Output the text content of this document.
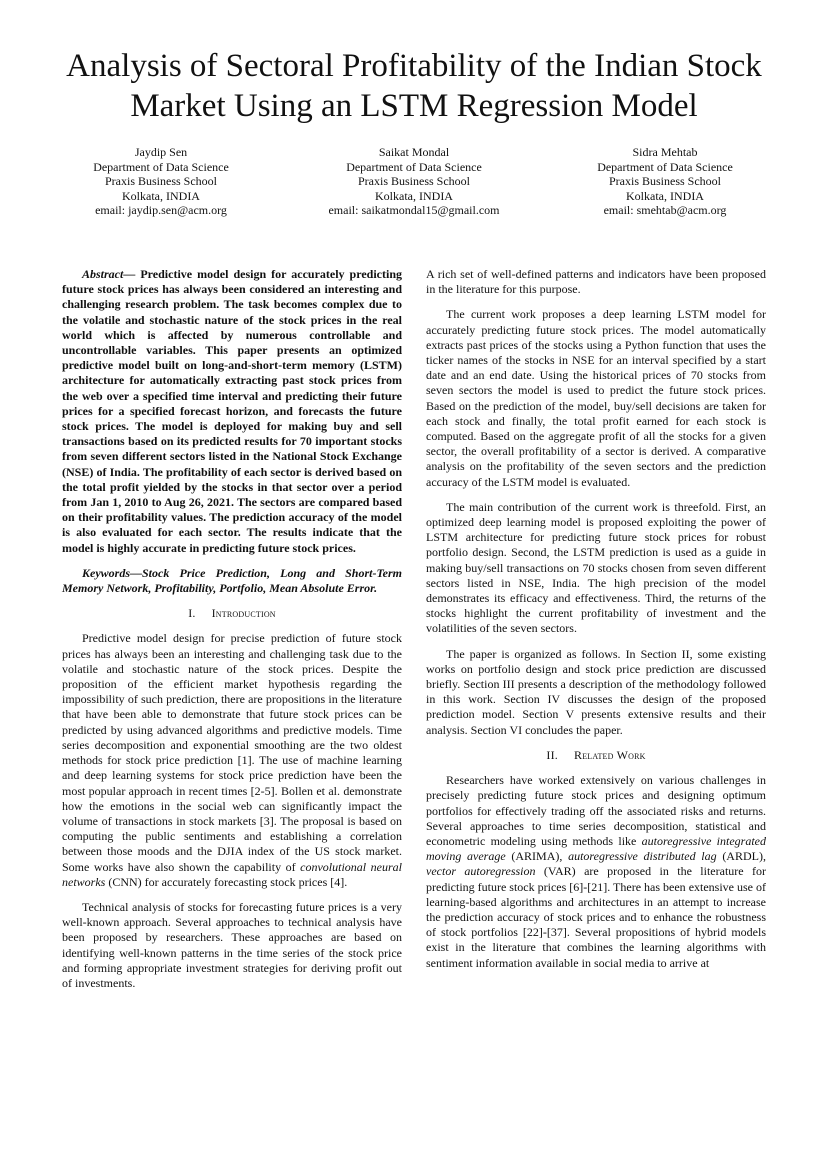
Analysis of Sectoral Profitability of the Indian Stock Market Using an LSTM Regression Model
Jaydip Sen
Department of Data Science
Praxis Business School
Kolkata, INDIA
email: jaydip.sen@acm.org
Saikat Mondal
Department of Data Science
Praxis Business School
Kolkata, INDIA
email: saikatmondal15@gmail.com
Sidra Mehtab
Department of Data Science
Praxis Business School
Kolkata, INDIA
email: smehtab@acm.org

Abstract— Predictive model design for accurately predicting future stock prices has always been considered an interesting and challenging research problem. The task becomes complex due to the volatile and stochastic nature of the stock prices in the real world which is affected by numerous controllable and uncontrollable variables. This paper presents an optimized predictive model built on long-and-short-term memory (LSTM) architecture for automatically extracting past stock prices from the web over a specified time interval and predicting their future prices for a specified forecast horizon, and forecasts the future stock prices. The model is deployed for making buy and sell transactions based on its predicted results for 70 important stocks from seven different sectors listed in the National Stock Exchange (NSE) of India. The profitability of each sector is derived based on the total profit yielded by the stocks in that sector over a period from Jan 1, 2010 to Aug 26, 2021. The sectors are compared based on their profitability values. The prediction accuracy of the model is also evaluated for each sector. The results indicate that the model is highly accurate in predicting future stock prices.

Keywords—Stock Price Prediction, Long and Short-Term Memory Network, Profitability, Portfolio, Mean Absolute Error.

I. Introduction

Predictive model design for precise prediction of future stock prices has always been an interesting and challenging task due to the volatile and stochastic nature of the stock prices. Despite the proposition of the efficient market hypothesis regarding the impossibility of such prediction, there are propositions in the literature that have been able to demonstrate that future stock prices can be predicted by using advanced algorithms and predictive models. Time series decomposition and exponential smoothing are the two oldest methods for stock price prediction [1]. The use of machine learning and deep learning systems for stock price prediction have been the most popular approach in recent times [2-5]. Bollen et al. demonstrate how the emotions in the social web can significantly impact the volume of transactions in stock markets [3]. The proposal is based on computing the public sentiments and establishing a correlation between those moods and the DJIA index of the US stock market. Some works have also shown the capability of convolutional neural networks (CNN) for accurately forecasting stock prices [4].

Technical analysis of stocks for forecasting future prices is a very well-known approach. Several approaches to technical analysis have been proposed by researchers. These approaches are based on identifying well-known patterns in the time series of the stock price and forming appropriate investment strategies for deriving profit out of investments.

A rich set of well-defined patterns and indicators have been proposed in the literature for this purpose.

The current work proposes a deep learning LSTM model for accurately predicting future stock prices. The model automatically extracts past prices of the stocks using a Python function that uses the ticker names of the stocks in NSE for an interval specified by a start date and an end date. Using the historical prices of 70 stocks from seven sectors the model is used to predict the future stock prices. Based on the prediction of the model, buy/sell decisions are taken for each stock and finally, the total profit earned for each stock is computed. Based on the aggregate profit of all the stocks for a given sector, the overall profitability of a sector is derived. A comparative analysis on the profitability of the seven sectors and the prediction accuracy of the LSTM model is evaluated.

The main contribution of the current work is threefold. First, an optimized deep learning model is proposed exploiting the power of LSTM architecture for predicting future stock prices for robust portfolio design. Second, the LSTM prediction is used as a guide in making buy/sell transactions on 70 stocks chosen from seven different sectors listed in NSE, India. The high precision of the model demonstrates its efficacy and effectiveness. Third, the returns of the stocks highlight the current profitability of investment and the volatilities of the seven sectors.

The paper is organized as follows. In Section II, some existing works on portfolio design and stock price prediction are discussed briefly. Section III presents a description of the methodology followed in this work. Section IV discusses the design of the proposed prediction model. Section V presents extensive results and their analysis. Section VI concludes the paper.

II. Related Work

Researchers have worked extensively on various challenges in precisely predicting future stock prices and designing optimum portfolios for effectively trading off the associated risks and returns. Several approaches to time series decomposition, statistical and econometric modeling using methods like autoregressive integrated moving average (ARIMA), autoregressive distributed lag (ARDL), vector autoregression (VAR) are proposed in the literature for predicting future stock prices [6]-[21]. There has been extensive use of learning-based algorithms and architectures in an attempt to increase the prediction accuracy of stock prices and to enhance the robustness of stock portfolios [22]-[37]. Several propositions of hybrid models exist in the literature that combines the learning algorithms with sentiment information available in social media to arrive at
